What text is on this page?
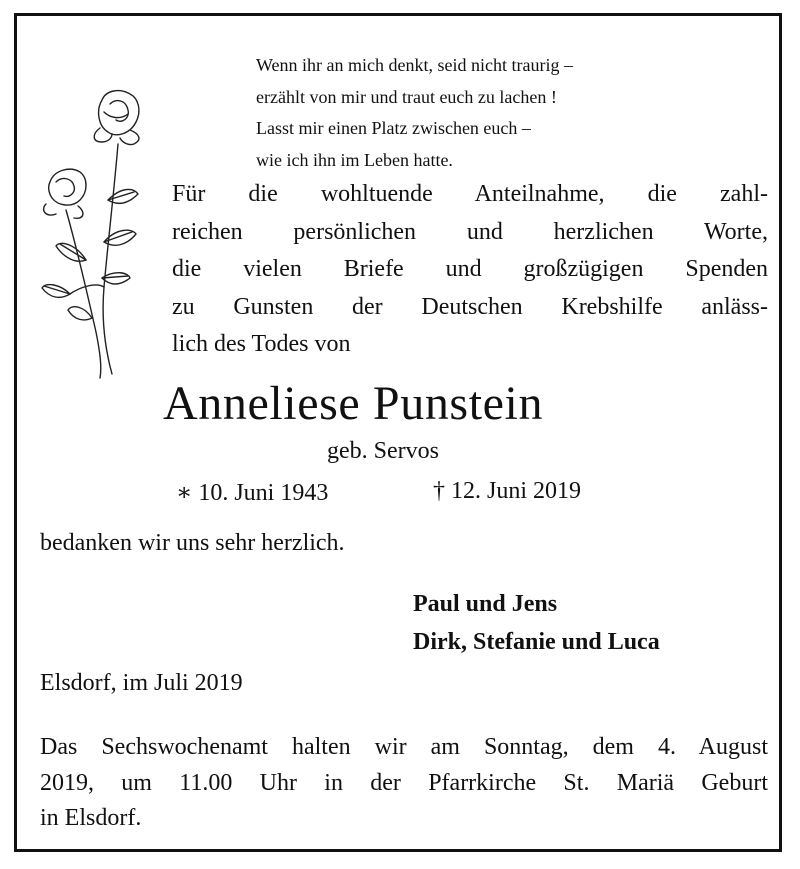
Wenn ihr an mich denkt, seid nicht traurig –
erzählt von mir und traut euch zu lachen !
Lasst mir einen Platz zwischen euch –
wie ich ihn im Leben hatte.
Für die wohltuende Anteilnahme, die zahl-
reichen persönlichen und herzlichen Worte,
die vielen Briefe und großzügigen Spenden
zu Gunsten der Deutschen Krebshilfe anläss-
lich des Todes von
Anneliese Punstein
geb. Servos
∗ 10. Juni 1943	† 12. Juni 2019
bedanken wir uns sehr herzlich.
Paul und Jens
Dirk, Stefanie und Luca
Elsdorf, im Juli 2019
Das Sechswochenamt halten wir am Sonntag, dem 4. August
2019, um 11.00 Uhr in der Pfarrkirche St. Mariä Geburt
in Elsdorf.
